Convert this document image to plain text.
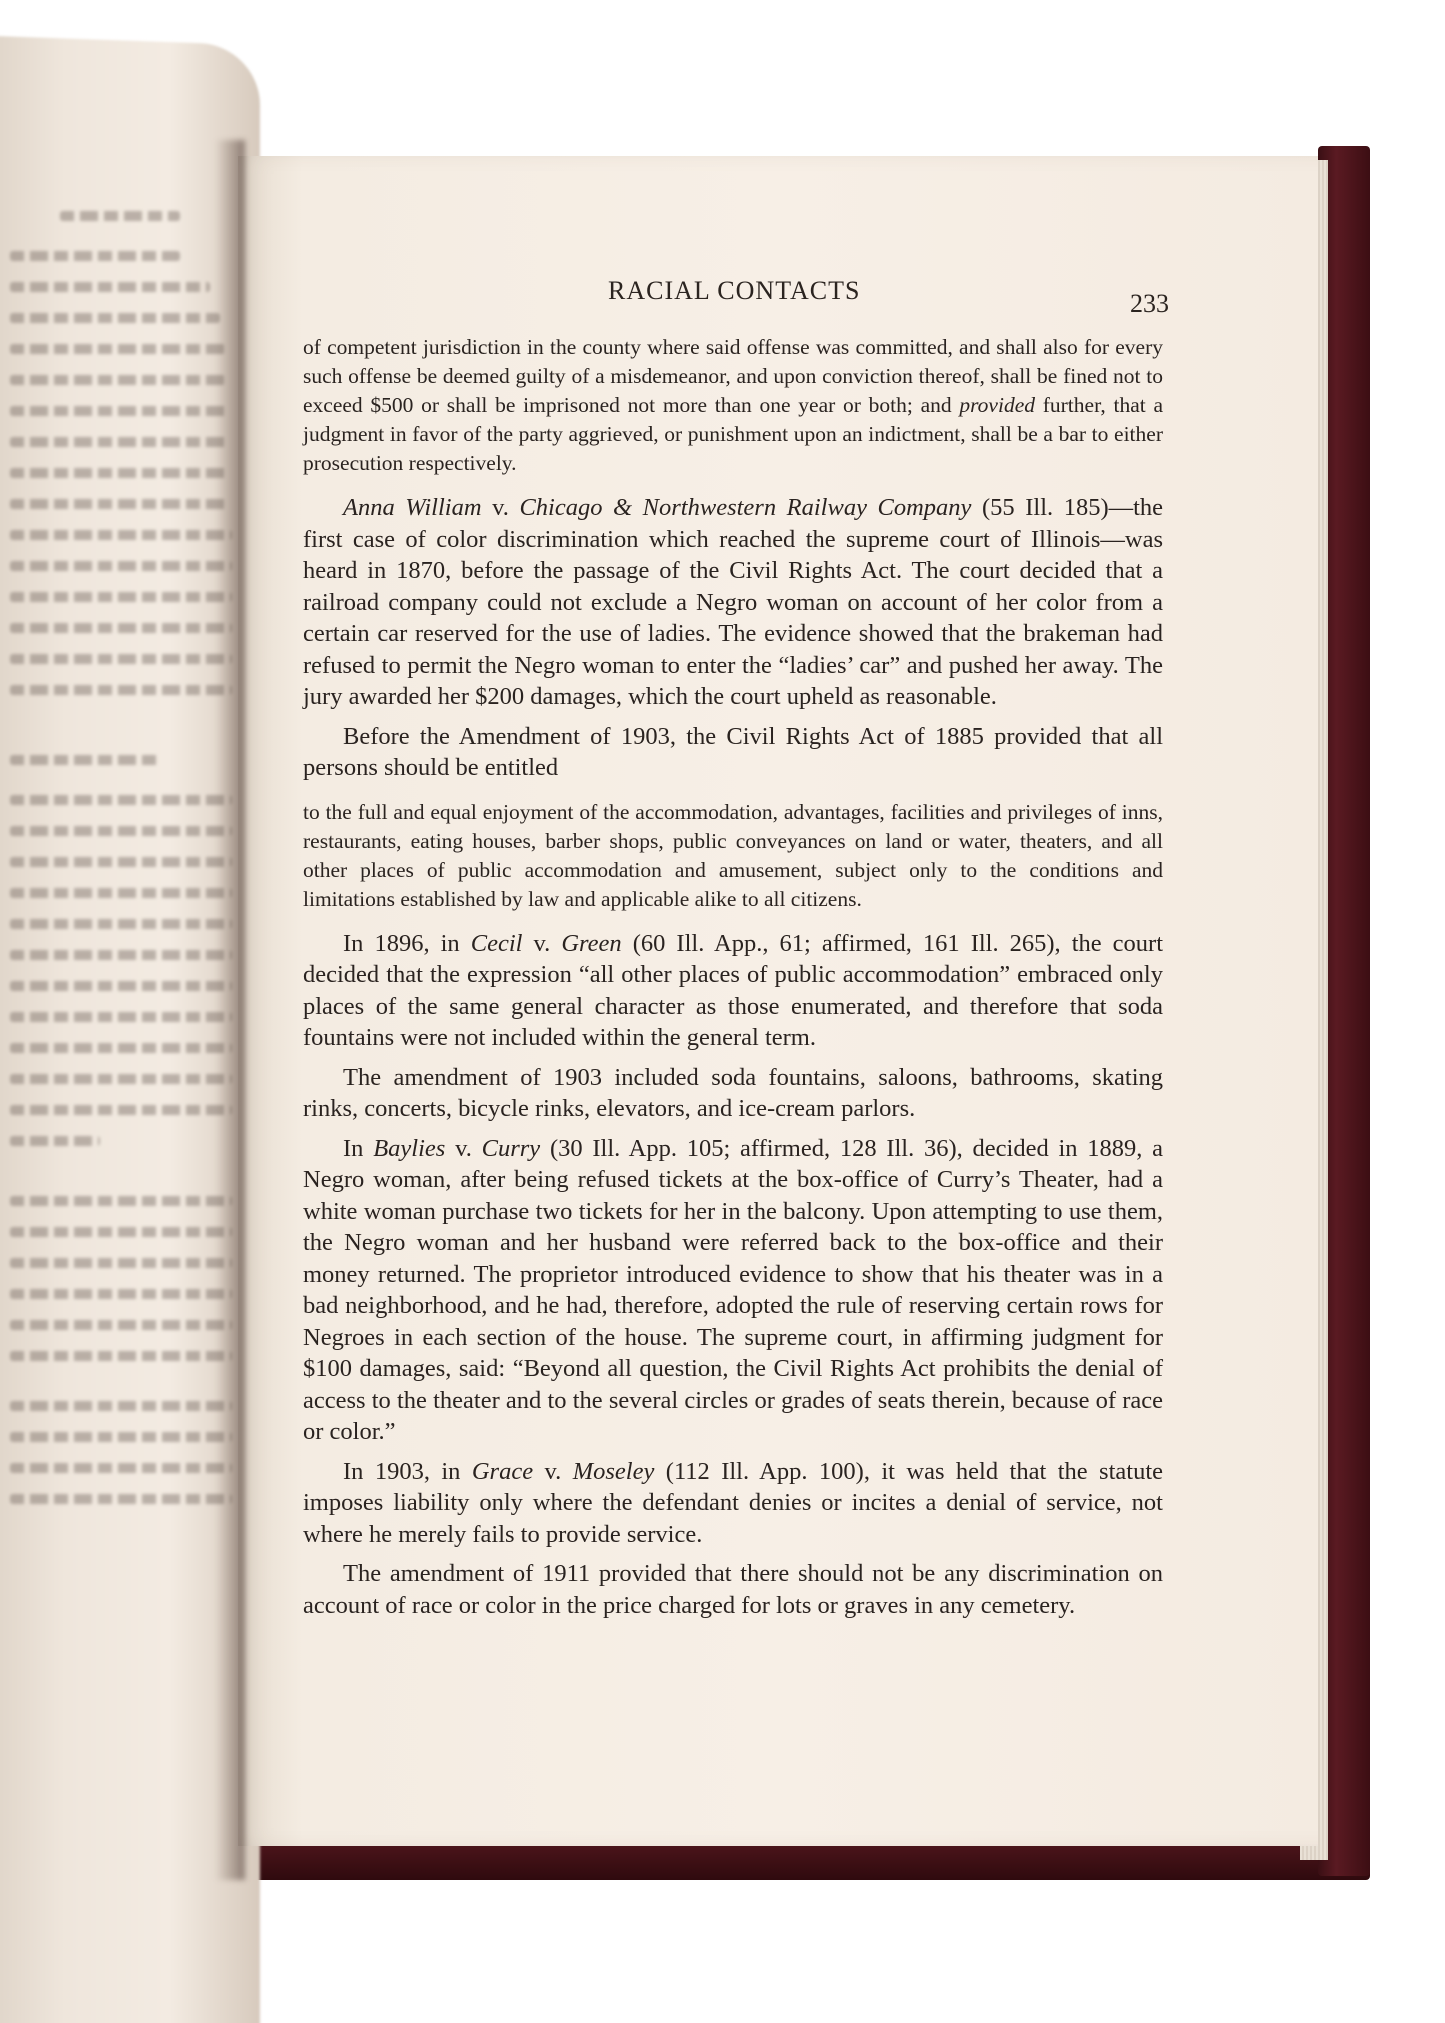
RACIAL CONTACTS	233

of competent jurisdiction in the county where said offense was committed, and shall also for every such offense be deemed guilty of a misdemeanor, and upon conviction thereof, shall be fined not to exceed $500 or shall be imprisoned not more than one year or both; and provided further, that a judgment in favor of the party aggrieved, or punishment upon an indictment, shall be a bar to either prosecution respectively.

Anna William v. Chicago & Northwestern Railway Company (55 Ill. 185)—the first case of color discrimination which reached the supreme court of Illinois—was heard in 1870, before the passage of the Civil Rights Act. The court decided that a railroad company could not exclude a Negro woman on account of her color from a certain car reserved for the use of ladies. The evidence showed that the brakeman had refused to permit the Negro woman to enter the “ladies’ car” and pushed her away. The jury awarded her $200 damages, which the court upheld as reasonable.

Before the Amendment of 1903, the Civil Rights Act of 1885 provided that all persons should be entitled

to the full and equal enjoyment of the accommodation, advantages, facilities and privileges of inns, restaurants, eating houses, barber shops, public conveyances on land or water, theaters, and all other places of public accommodation and amusement, subject only to the conditions and limitations established by law and applicable alike to all citizens.

In 1896, in Cecil v. Green (60 Ill. App., 61; affirmed, 161 Ill. 265), the court decided that the expression “all other places of public accommodation” embraced only places of the same general character as those enumerated, and therefore that soda fountains were not included within the general term.

The amendment of 1903 included soda fountains, saloons, bathrooms, skating rinks, concerts, bicycle rinks, elevators, and ice-cream parlors.

In Baylies v. Curry (30 Ill. App. 105; affirmed, 128 Ill. 36), decided in 1889, a Negro woman, after being refused tickets at the box-office of Curry’s Theater, had a white woman purchase two tickets for her in the balcony. Upon attempting to use them, the Negro woman and her husband were referred back to the box-office and their money returned. The proprietor introduced evidence to show that his theater was in a bad neighborhood, and he had, therefore, adopted the rule of reserving certain rows for Negroes in each section of the house. The supreme court, in affirming judgment for $100 damages, said: “Beyond all question, the Civil Rights Act prohibits the denial of access to the theater and to the several circles or grades of seats therein, because of race or color.”

In 1903, in Grace v. Moseley (112 Ill. App. 100), it was held that the statute imposes liability only where the defendant denies or incites a denial of service, not where he merely fails to provide service.

The amendment of 1911 provided that there should not be any discrimination on account of race or color in the price charged for lots or graves in any cemetery.
